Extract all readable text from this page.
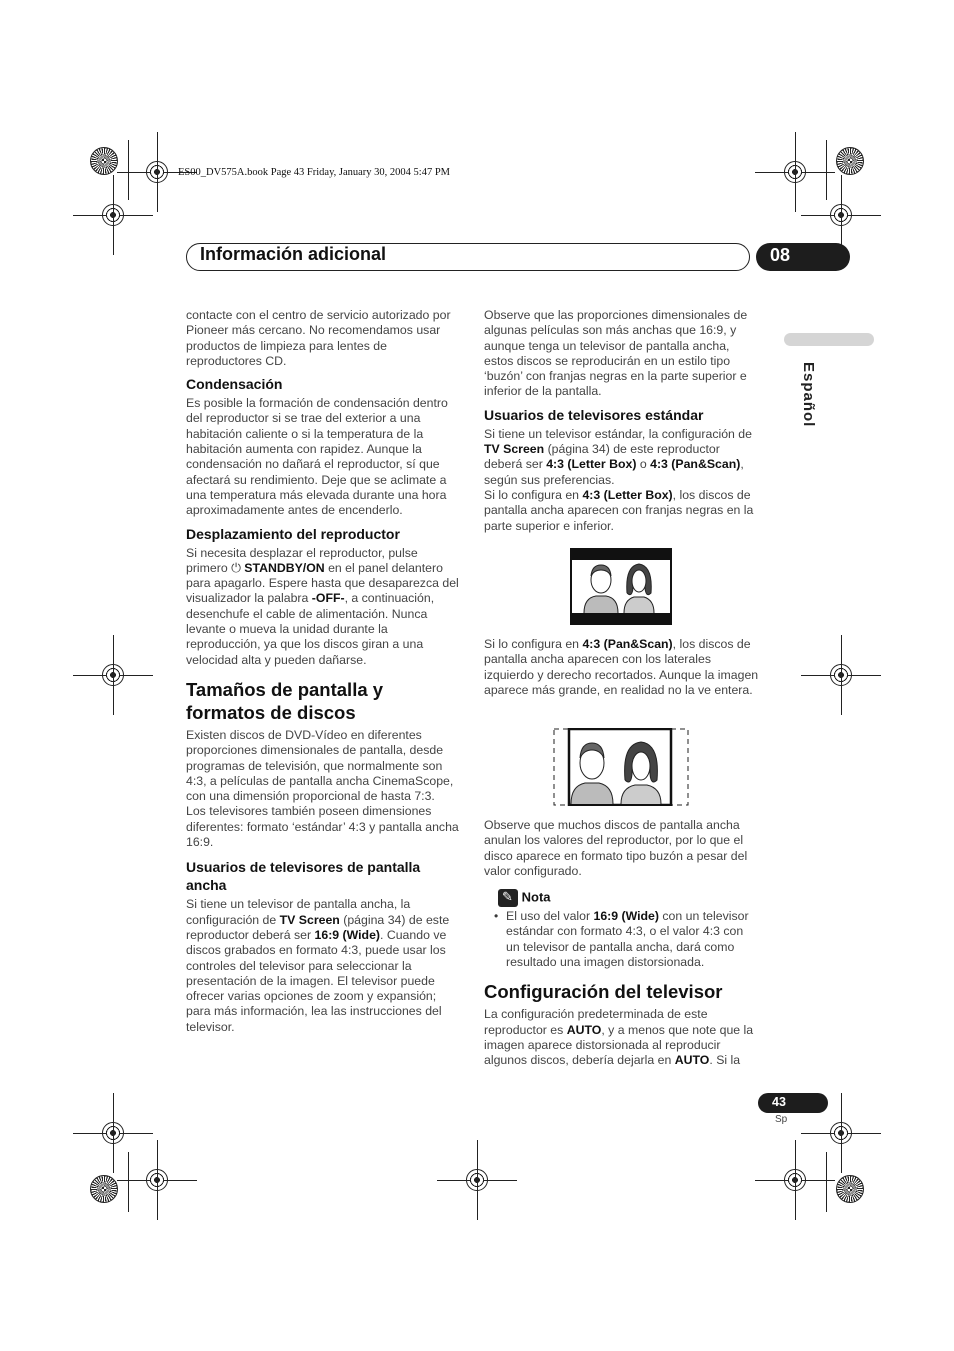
ES00_DV575A.book Page 43 Friday, January 30, 2004 5:47 PM
Información adicional	08
Español

contacte con el centro de servicio autorizado por Pioneer más cercano. No recomendamos usar productos de limpieza para lentes de reproductores CD.

Condensación

Es posible la formación de condensación dentro del reproductor si se trae del exterior a una habitación caliente o si la temperatura de la habitación aumenta con rapidez. Aunque la condensación no dañará el reproductor, sí que afectará su rendimiento. Deje que se aclimate a una temperatura más elevada durante una hora aproximadamente antes de encenderlo.

Desplazamiento del reproductor

Si necesita desplazar el reproductor, pulse primero ⏻ STANDBY/ON en el panel delantero para apagarlo. Espere hasta que desaparezca del visualizador la palabra -OFF-, a continuación, desenchufe el cable de alimentación. Nunca levante o mueva la unidad durante la reproducción, ya que los discos giran a una velocidad alta y pueden dañarse.

Tamaños de pantalla y formatos de discos

Existen discos de DVD-Vídeo en diferentes proporciones dimensionales de pantalla, desde programas de televisión, que normalmente son 4:3, a películas de pantalla ancha CinemaScope, con una dimensión proporcional de hasta 7:3.

Los televisores también poseen dimensiones diferentes: formato ‘estándar’ 4:3 y pantalla ancha 16:9.

Usuarios de televisores de pantalla ancha

Si tiene un televisor de pantalla ancha, la configuración de TV Screen (página 34) de este reproductor deberá ser 16:9 (Wide). Cuando ve discos grabados en formato 4:3, puede usar los controles del televisor para seleccionar la presentación de la imagen. El televisor puede ofrecer varias opciones de zoom y expansión; para más información, lea las instrucciones del televisor.

Observe que las proporciones dimensionales de algunas películas son más anchas que 16:9, y aunque tenga un televisor de pantalla ancha, estos discos se reproducirán en un estilo tipo ‘buzón’ con franjas negras en la parte superior e inferior de la pantalla.

Usuarios de televisores estándar

Si tiene un televisor estándar, la configuración de TV Screen (página 34) de este reproductor deberá ser 4:3 (Letter Box) o 4:3 (Pan&Scan), según sus preferencias.

Si lo configura en 4:3 (Letter Box), los discos de pantalla ancha aparecen con franjas negras en la parte superior e inferior.

Si lo configura en 4:3 (Pan&Scan), los discos de pantalla ancha aparecen con los laterales izquierdo y derecho recortados. Aunque la imagen aparece más grande, en realidad no la ve entera.

Observe que muchos discos de pantalla ancha anulan los valores del reproductor, por lo que el disco aparece en formato tipo buzón a pesar del valor configurado.

✎ Nota
• El uso del valor 16:9 (Wide) con un televisor estándar con formato 4:3, o el valor 4:3 con un televisor de pantalla ancha, dará como resultado una imagen distorsionada.

Configuración del televisor

La configuración predeterminada de este reproductor es AUTO, y a menos que note que la imagen aparece distorsionada al reproducir algunos discos, debería dejarla en AUTO. Si la

43
Sp
